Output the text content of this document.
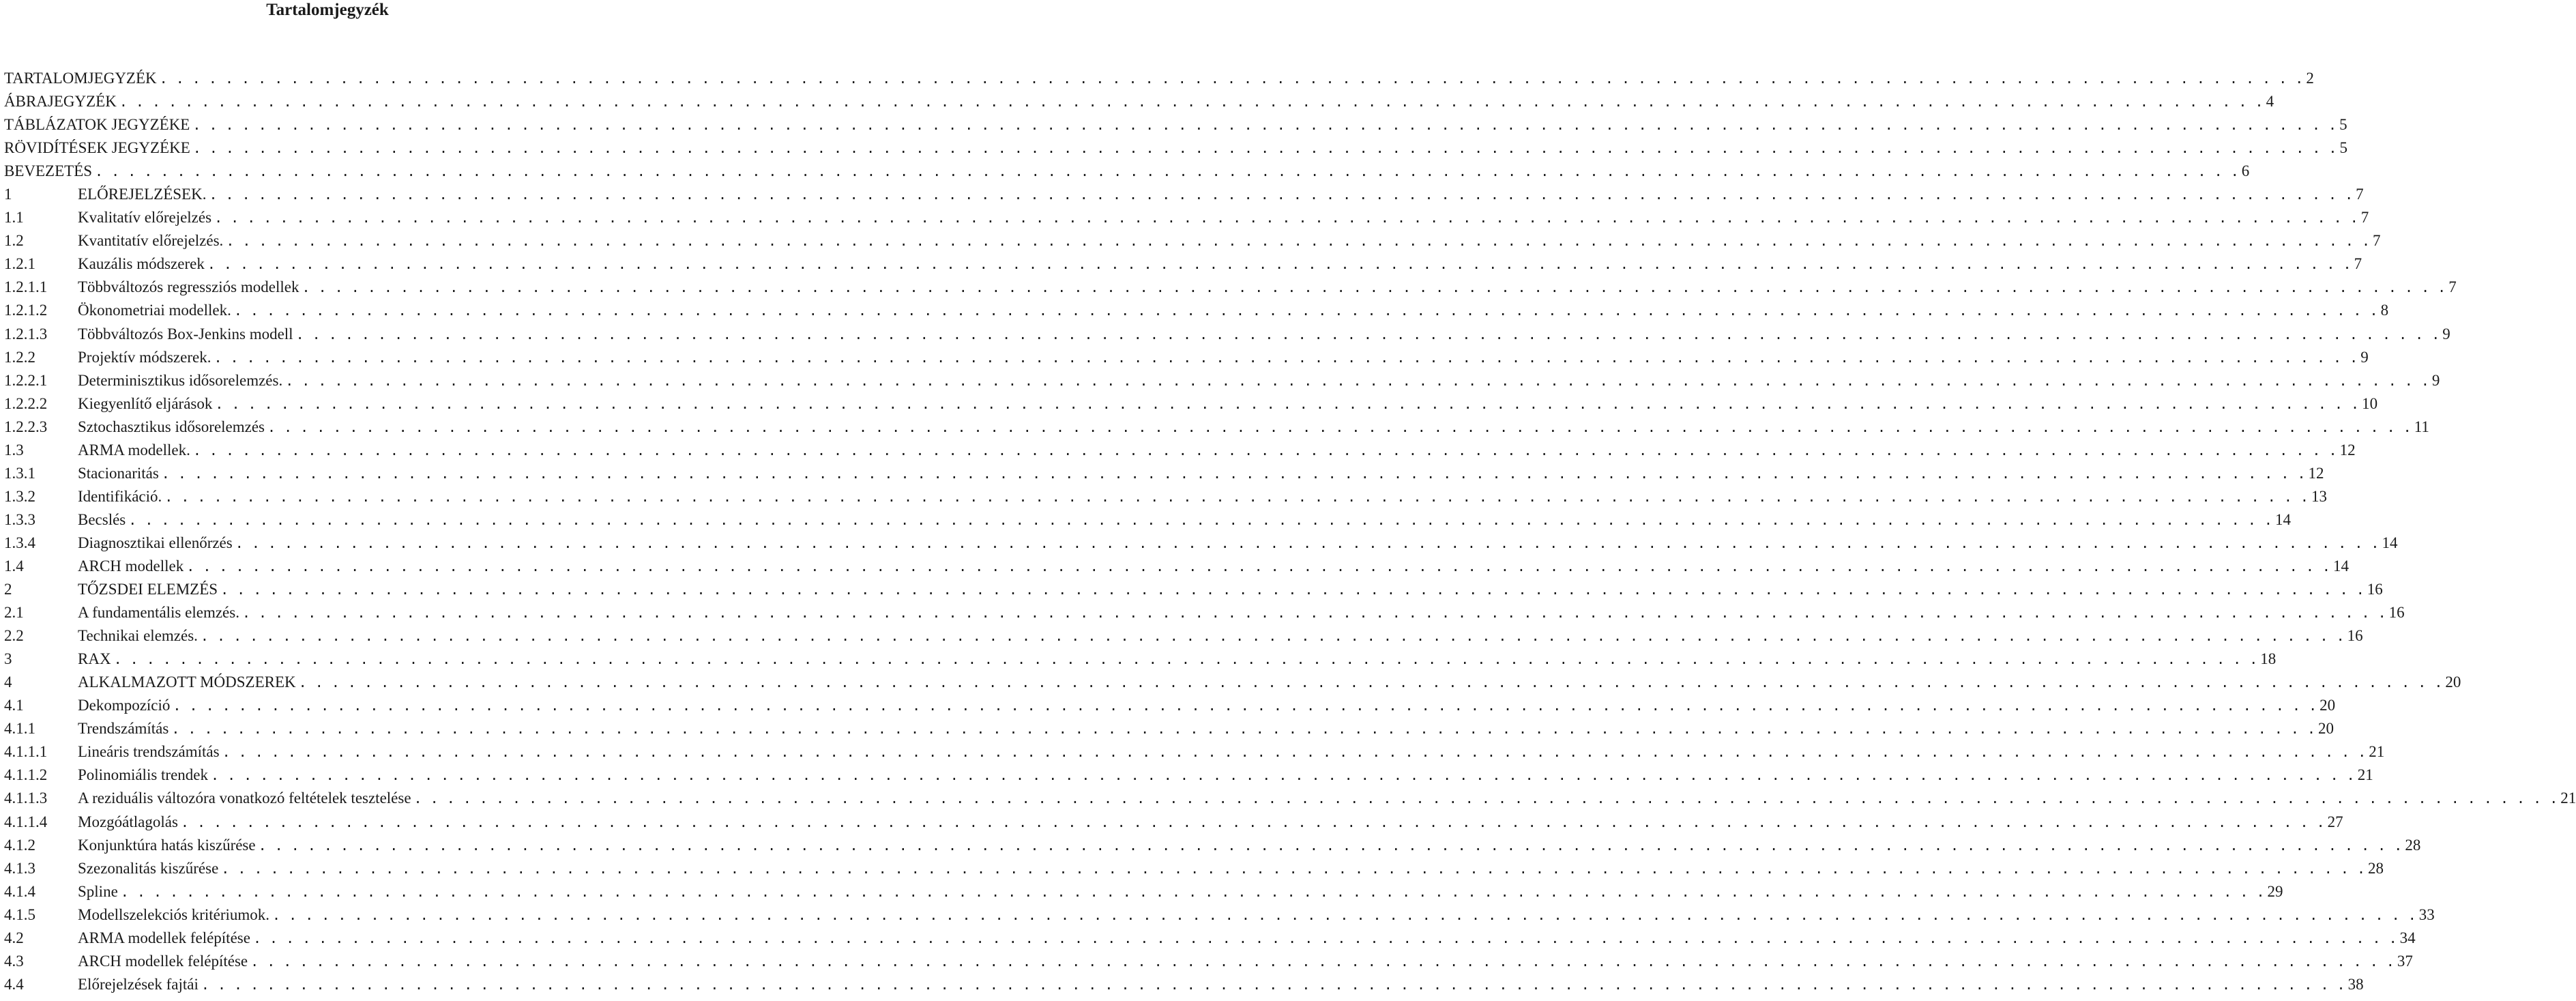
Tartalomjegyzék
TARTALOMJEGYZÉK . . .	2
ÁBRAJEGYZÉK . . .	4
TÁBLÁZATOK JEGYZÉKE . . .	5
RÖVIDÍTÉSEK JEGYZÉKE . . .	5
BEVEZETÉS . . .	6
1	ELŐREJELZÉSEK. . . .	7
1.1	Kvalitatív előrejelzés . . .	7
1.2	Kvantitatív előrejelzés. . . .	7
1.2.1	Kauzális módszerek . . .	7
1.2.1.1	Többváltozós regressziós modellek . . .	7
1.2.1.2	Ökonometriai modellek. . . .	8
1.2.1.3	Többváltozós Box-Jenkins modell . . .	9
1.2.2	Projektív módszerek. . . .	9
1.2.2.1	Determinisztikus idősorelemzés. . . .	9
1.2.2.2	Kiegyenlítő eljárások . . .	10
1.2.2.3	Sztochasztikus idősorelemzés . . .	11
1.3	ARMA modellek. . . .	12
1.3.1	Stacionaritás . . .	12
1.3.2	Identifikáció. . . .	13
1.3.3	Becslés . . .	14
1.3.4	Diagnosztikai ellenőrzés . . .	14
1.4	ARCH modellek . . .	14
2	TŐZSDEI ELEMZÉS . . .	16
2.1	A fundamentális elemzés. . . .	16
2.2	Technikai elemzés. . . .	16
3	RAX . . .	18
4	ALKALMAZOTT MÓDSZEREK . . .	20
4.1	Dekompozíció . . .	20
4.1.1	Trendszámítás . . .	20
4.1.1.1	Lineáris trendszámítás . . .	21
4.1.1.2	Polinomiális trendek . . .	21
4.1.1.3	A reziduális változóra vonatkozó feltételek tesztelése . . .	21
4.1.1.4	Mozgóátlagolás . . .	27
4.1.2	Konjunktúra hatás kiszűrése . . .	28
4.1.3	Szezonalitás kiszűrése . . .	28
4.1.4	Spline . . .	29
4.1.5	Modellszelekciós kritériumok. . . .	33
4.2	ARMA modellek felépítése . . .	34
4.3	ARCH modellek felépítése . . .	37
4.4	Előrejelzések fajtái . . .	38
